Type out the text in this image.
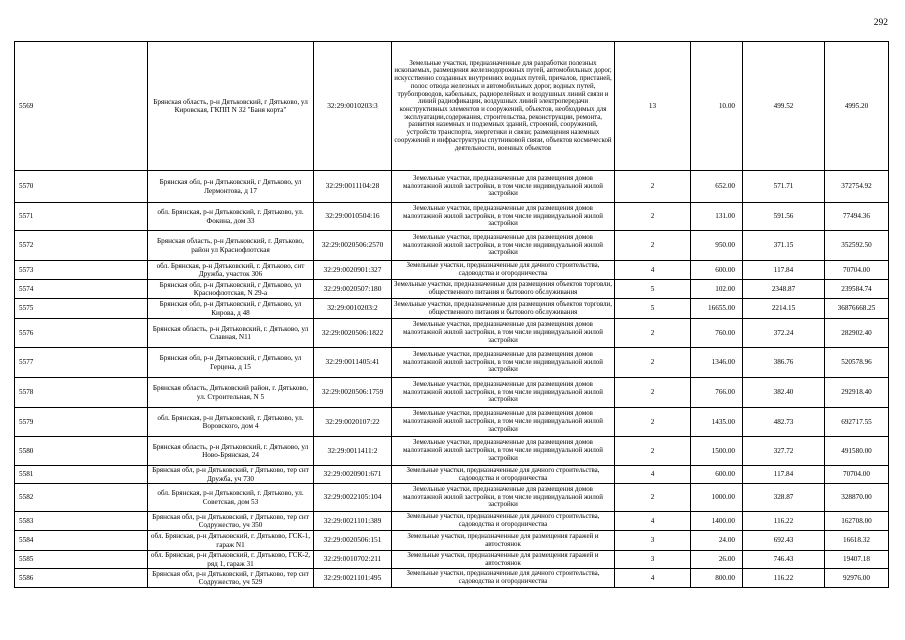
292
5569	Брянская область, р-н Дятьковский, г Дятьково, ул Кировская, ГКПП N 32 "Баня корта"	32:29:0010203:3	Земельные участки, предназначенные для разработки полезных ископаемых, размещения железнодорожных путей, автомобильных дорог, искусственно созданных внутренних водных путей, причалов, пристаней, полос отвода железных и автомобильных дорог, водных путей, трубопроводов, кабельных, радиорелейных и воздушных линий связи и линий радиофикации, воздушных линий электропередачи конструктивных элементов и сооружений, объектов, необходимых для эксплуатации,содержания, строительства, реконструкции, ремонта, развития наземных и подземных зданий, строений, сооружений, устройств транспорта, энергетики и связи; размещения наземных сооружений и инфраструктуры спутниковой связи, объектов космической деятельности, военных объектов	13	10.00	499.52	4995.20
5570	Брянская обл, р-н Дятьковский, г Дятьково, ул Лермонтова, д 17	32:29:0011104:28	Земельные участки, предназначенные для размещения домов малоэтажной жилой застройки, в том числе индивидуальной жилой застройки	2	652.00	571.71	372754.92
5571	обл. Брянская, р-н Дятьковский, г. Дятьково, ул. Фокина, дом 33	32:29:0010504:16	Земельные участки, предназначенные для размещения домов малоэтажной жилой застройки, в том числе индивидуальной жилой застройки	2	131.00	591.56	77494.36
5572	Брянская область, р-н Дятьковский, г. Дятьково, район ул Краснофлотская	32:29:0020506:2570	Земельные участки, предназначенные для размещения домов малоэтажной жилой застройки, в том числе индивидуальной жилой застройки	2	950.00	371.15	352592.50
5573	обл. Брянская, р-н Дятьковский, г. Дятьково, снт Дружба, участок 306	32:29:0020901:327	Земельные участки, предназначенные для дачного строительства, садоводства и огородничества	4	600.00	117.84	70704.00
5574	Брянская обл, р-н Дятьковский, г Дятьково, ул Краснофлотская, N 29-а	32:29:0020507:180	Земельные участки, предназначенные для размещения объектов торговли, общественного питания и бытового обслуживания	5	102.00	2348.87	239584.74
5575	Брянская обл, р-н Дятьковский, г Дятьково, ул Кирова, д 48	32:29:0010203:2	Земельные участки, предназначенные для размещения объектов торговли, общественного питания и бытового обслуживания	5	16655.00	2214.15	36876668.25
5576	Брянская область, р-н Дятьковский, г. Дятьково, ул Славная, N11	32:29:0020506:1822	Земельные участки, предназначенные для размещения домов малоэтажной жилой застройки, в том числе индивидуальной жилой застройки	2	760.00	372.24	282902.40
5577	Брянская обл, р-н Дятьковский, г Дятьково, ул Герцена, д 15	32:29:0011405:41	Земельные участки, предназначенные для размещения домов малоэтажной жилой застройки, в том числе индивидуальной жилой застройки	2	1346.00	386.76	520578.96
5578	Брянская область, Дятьковский район, г. Дятьково, ул. Строительная, N 5	32:29:0020506:1759	Земельные участки, предназначенные для размещения домов малоэтажной жилой застройки, в том числе индивидуальной жилой застройки	2	766.00	382.40	292918.40
5579	обл. Брянская, р-н Дятьковский, г. Дятьково, ул. Воровского, дом 4	32:29:0020107:22	Земельные участки, предназначенные для размещения домов малоэтажной жилой застройки, в том числе индивидуальной жилой застройки	2	1435.00	482.73	692717.55
5580	Брянская область, р-н Дятьковский, г. Дятьково, ул Ново-Брянская, 24	32:29:0011411:2	Земельные участки, предназначенные для размещения домов малоэтажной жилой застройки, в том числе индивидуальной жилой застройки	2	1500.00	327.72	491580.00
5581	Брянская обл, р-н Дятьковский, г Дятьково, тер снт Дружба, уч 730	32:29:0020901:671	Земельные участки, предназначенные для дачного строительства, садоводства и огородничества	4	600.00	117.84	70704.00
5582	обл. Брянская, р-н Дятьковский, г. Дятьково, ул. Советская, дом 53	32:29:0022105:104	Земельные участки, предназначенные для размещения домов малоэтажной жилой застройки, в том числе индивидуальной жилой застройки	2	1000.00	328.87	328870.00
5583	Брянская обл, р-н Дятьковский, г Дятьково, тер снт Содружество, уч 350	32:29:0021101:389	Земельные участки, предназначенные для дачного строительства, садоводства и огородничества	4	1400.00	116.22	162708.00
5584	обл. Брянская, р-н Дятьковский, г. Дятьково, ГСК-1, гараж N1	32:29:0020506:151	Земельные участки, предназначенные для размещения гаражей и автостоянок	3	24.00	692.43	16618.32
5585	обл. Брянская, р-н Дятьковский, г. Дятьково, ГСК-2, ряд 1, гараж 31	32:29:0010702:211	Земельные участки, предназначенные для размещения гаражей и автостоянок	3	26.00	746.43	19407.18
5586	Брянская обл, р-н Дятьковский, г Дятьково, тер снт Содружество, уч 529	32:29:0021101:495	Земельные участки, предназначенные для дачного строительства, садоводства и огородничества	4	800.00	116.22	92976.00
